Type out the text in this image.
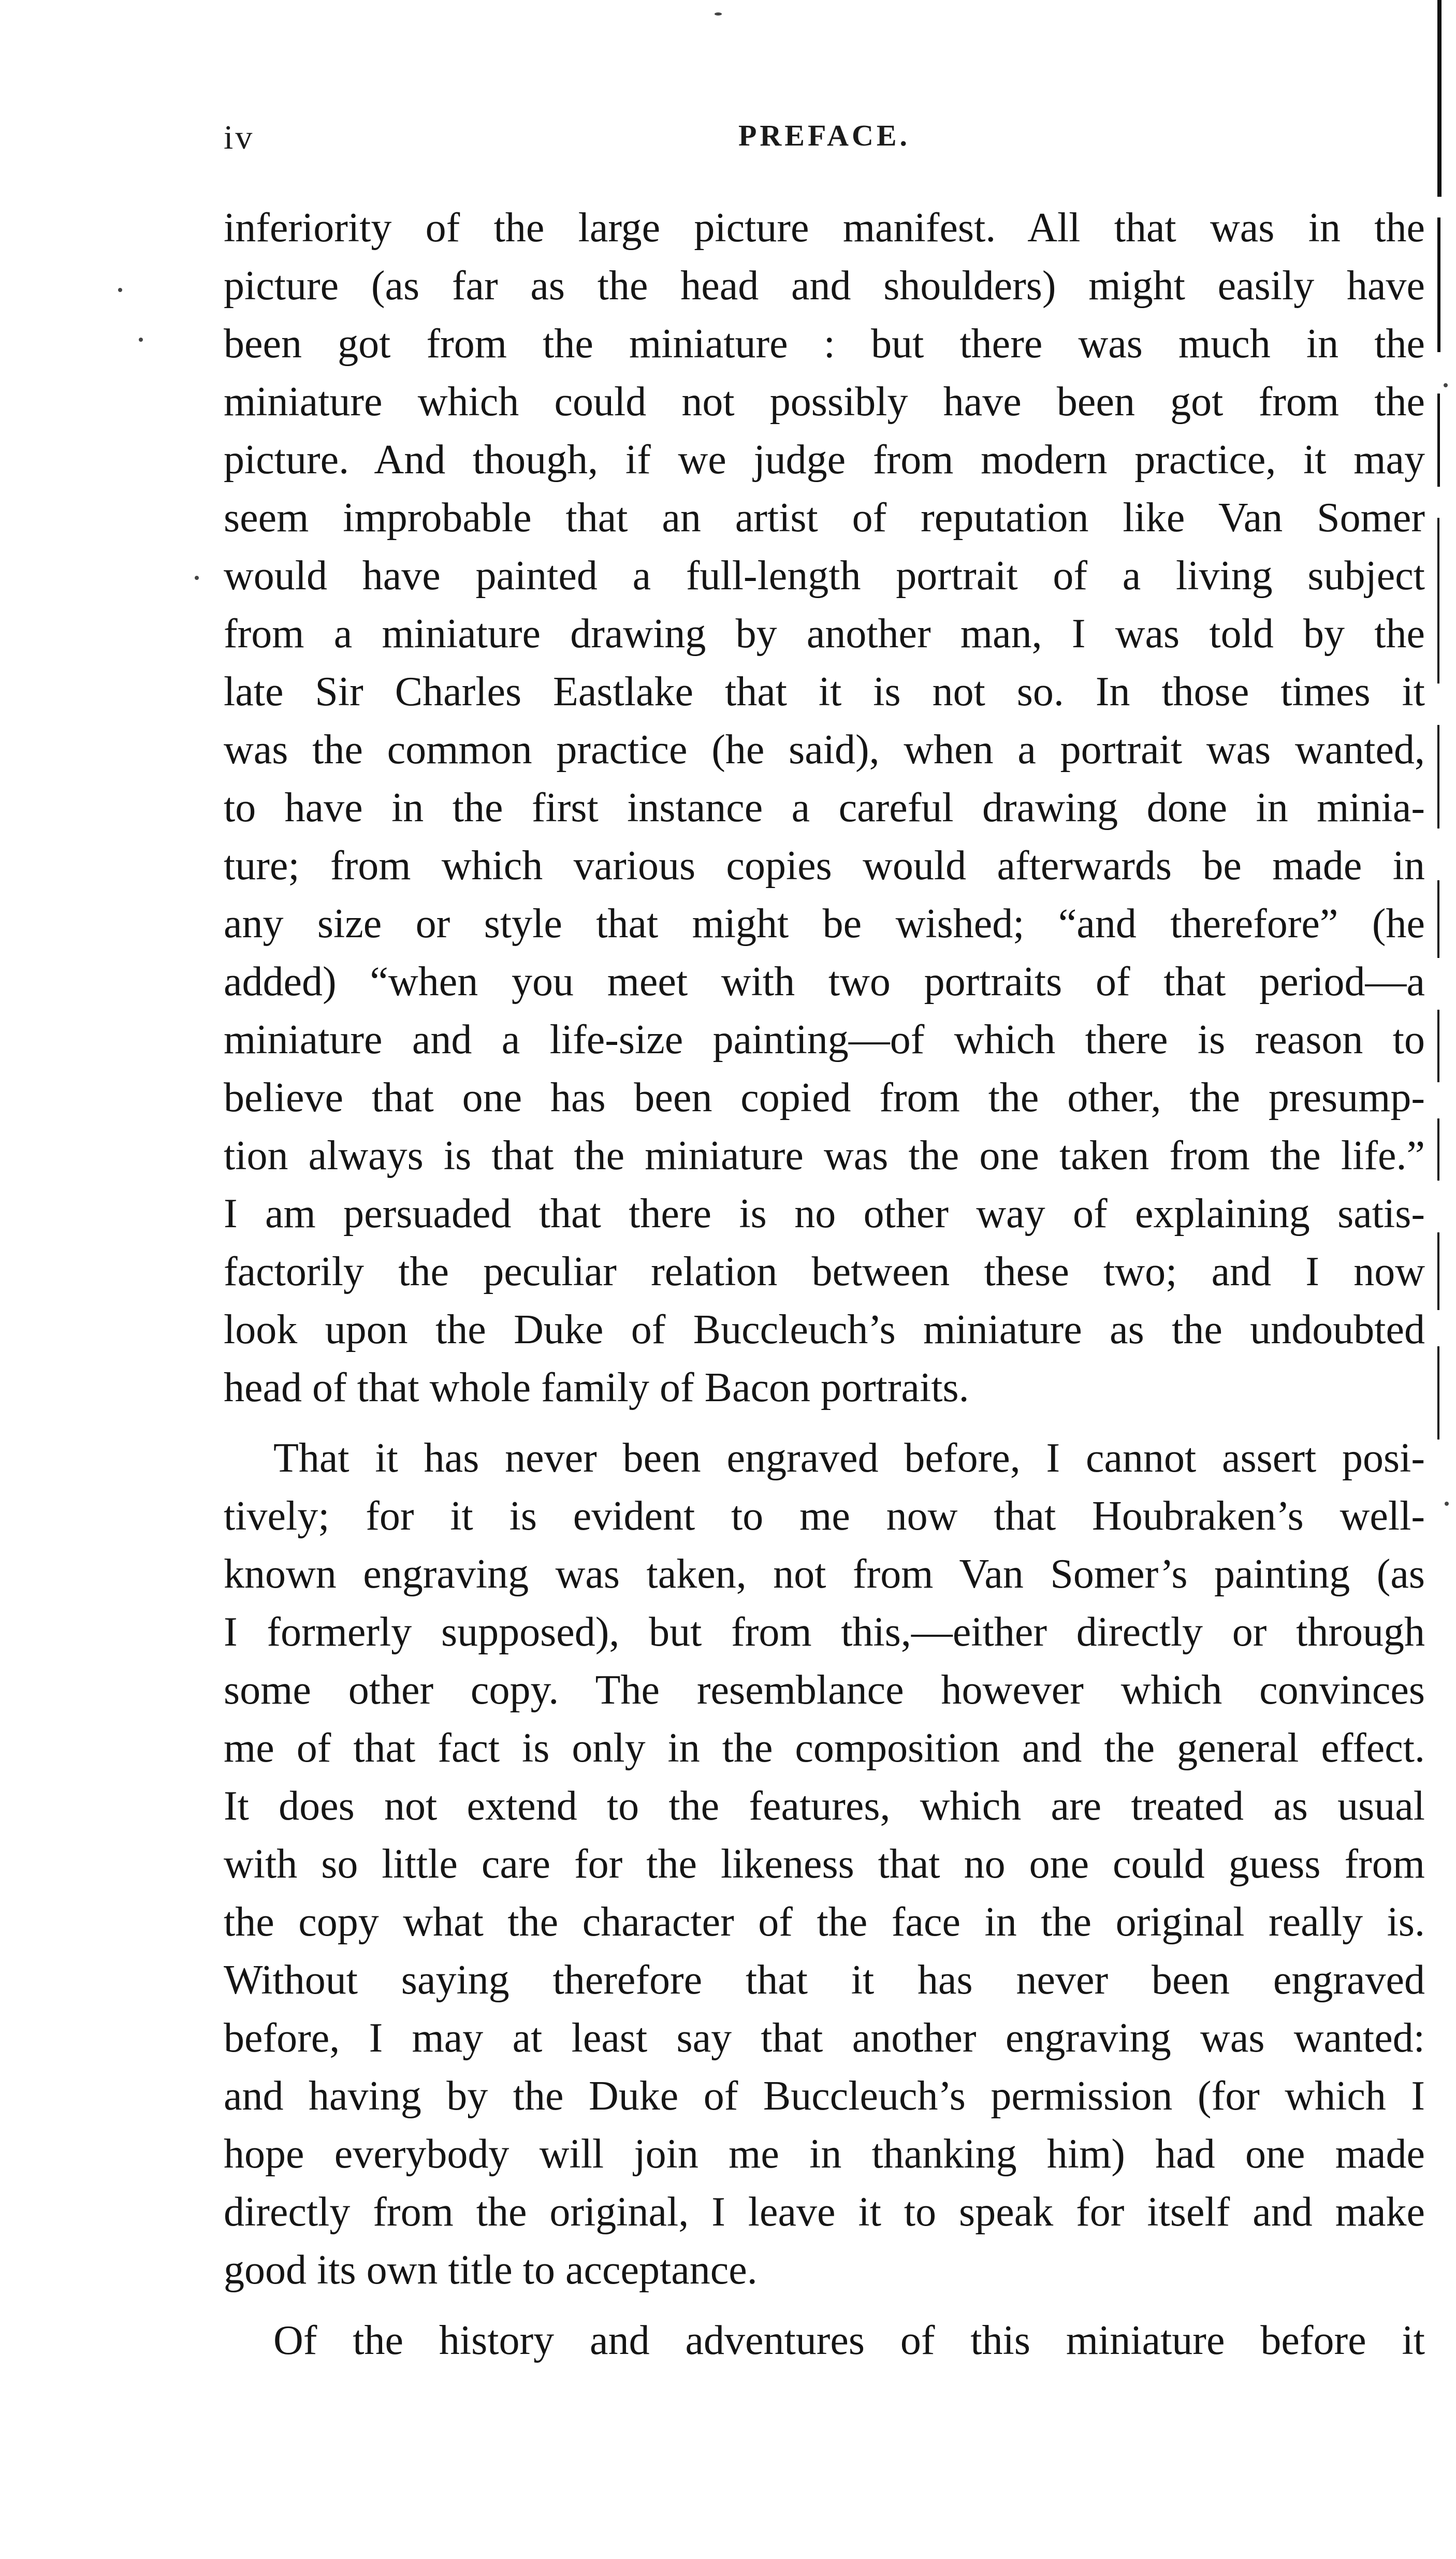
iv	PREFACE.
inferiority of the large picture manifest. All that was in the
picture (as far as the head and shoulders) might easily have
been got from the miniature : but there was much in the
miniature which could not possibly have been got from the
picture. And though, if we judge from modern practice, it may
seem improbable that an artist of reputation like Van Somer
would have painted a full-length portrait of a living subject
from a miniature drawing by another man, I was told by the
late Sir Charles Eastlake that it is not so. In those times it
was the common practice (he said), when a portrait was wanted,
to have in the first instance a careful drawing done in minia-
ture; from which various copies would afterwards be made in
any size or style that might be wished; “and therefore” (he
added) “when you meet with two portraits of that period—a
miniature and a life-size painting—of which there is reason to
believe that one has been copied from the other, the presump-
tion always is that the miniature was the one taken from the life.”
I am persuaded that there is no other way of explaining satis-
factorily the peculiar relation between these two; and I now
look upon the Duke of Buccleuch’s miniature as the undoubted
head of that whole family of Bacon portraits.
That it has never been engraved before, I cannot assert posi-
tively; for it is evident to me now that Houbraken’s well-
known engraving was taken, not from Van Somer’s painting (as
I formerly supposed), but from this,—either directly or through
some other copy. The resemblance however which convinces
me of that fact is only in the composition and the general effect.
It does not extend to the features, which are treated as usual
with so little care for the likeness that no one could guess from
the copy what the character of the face in the original really is.
Without saying therefore that it has never been engraved
before, I may at least say that another engraving was wanted:
and having by the Duke of Buccleuch’s permission (for which I
hope everybody will join me in thanking him) had one made
directly from the original, I leave it to speak for itself and make
good its own title to acceptance.
Of the history and adventures of this miniature before it
